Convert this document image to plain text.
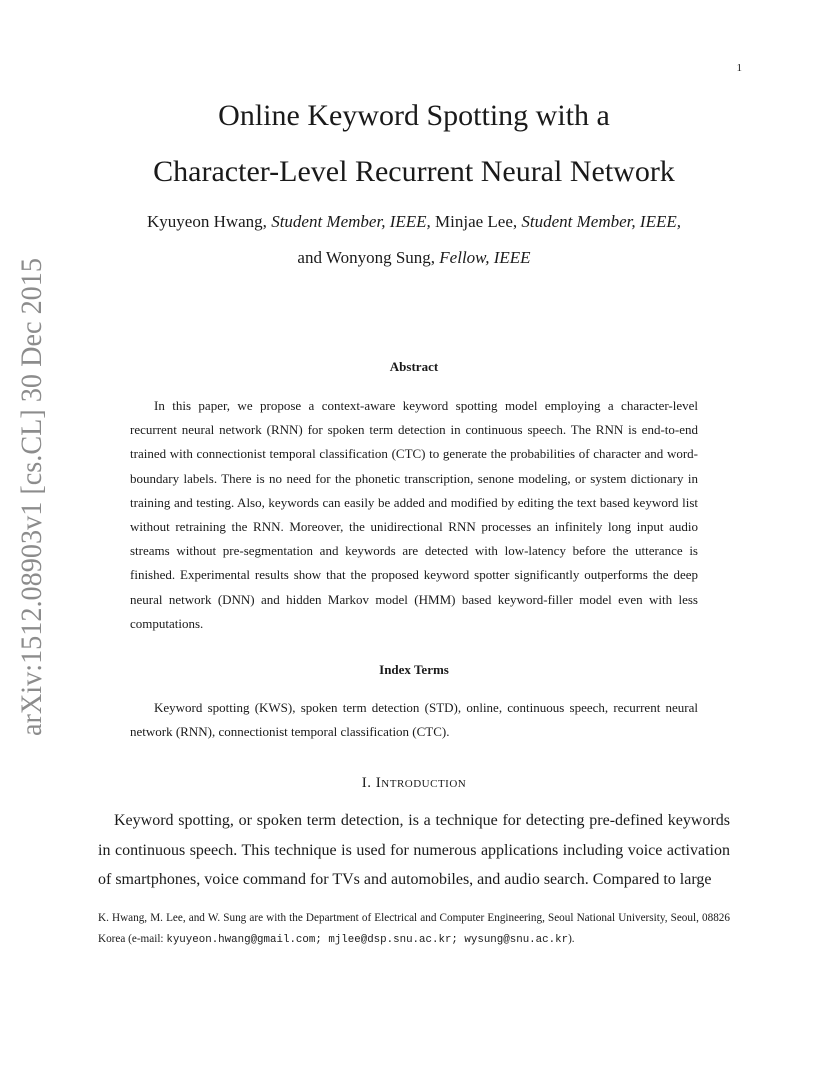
1
arXiv:1512.08903v1 [cs.CL] 30 Dec 2015
Online Keyword Spotting with a
Character-Level Recurrent Neural Network
Kyuyeon Hwang, Student Member, IEEE, Minjae Lee, Student Member, IEEE,
and Wonyong Sung, Fellow, IEEE
Abstract

In this paper, we propose a context-aware keyword spotting model employing a character-level recurrent neural network (RNN) for spoken term detection in continuous speech. The RNN is end-to-end trained with connectionist temporal classification (CTC) to generate the probabilities of character and word-boundary labels. There is no need for the phonetic transcription, senone modeling, or system dictionary in training and testing. Also, keywords can easily be added and modified by editing the text based keyword list without retraining the RNN. Moreover, the unidirectional RNN processes an infinitely long input audio streams without pre-segmentation and keywords are detected with low-latency before the utterance is finished. Experimental results show that the proposed keyword spotter significantly outperforms the deep neural network (DNN) and hidden Markov model (HMM) based keyword-filler model even with less computations.

Index Terms

Keyword spotting (KWS), spoken term detection (STD), online, continuous speech, recurrent neural network (RNN), connectionist temporal classification (CTC).

I. Introduction

Keyword spotting, or spoken term detection, is a technique for detecting pre-defined keywords in continuous speech. This technique is used for numerous applications including voice activation of smartphones, voice command for TVs and automobiles, and audio search. Compared to large

K. Hwang, M. Lee, and W. Sung are with the Department of Electrical and Computer Engineering, Seoul National University, Seoul, 08826 Korea (e-mail: kyuyeon.hwang@gmail.com; mjlee@dsp.snu.ac.kr; wysung@snu.ac.kr).
